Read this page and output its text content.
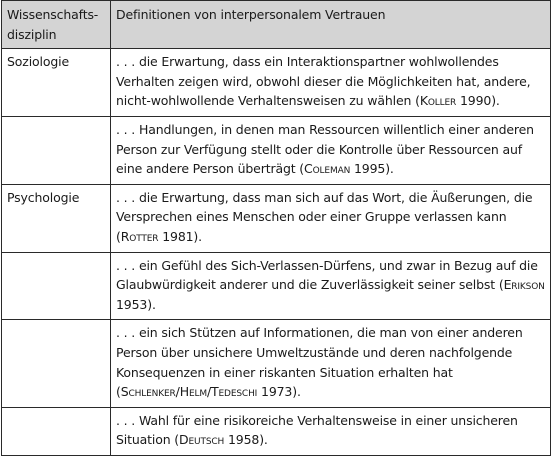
Wissenschafts-disziplin	Definitionen von interpersonalem Vertrauen
Soziologie	. . . die Erwartung, dass ein Interaktionspartner wohlwollendes Verhalten zeigen wird, obwohl dieser die Möglichkeiten hat, andere, nicht-wohlwollende Verhaltensweisen zu wählen (Koller 1990).
	. . . Handlungen, in denen man Ressourcen willentlich einer anderen Person zur Verfügung stellt oder die Kontrolle über Ressourcen auf eine andere Person überträgt (Coleman 1995).
Psychologie	. . . die Erwartung, dass man sich auf das Wort, die Äußerungen, die Versprechen eines Menschen oder einer Gruppe verlassen kann (Rotter 1981).
	. . . ein Gefühl des Sich-Verlassen-Dürfens, und zwar in Bezug auf die Glaubwürdigkeit anderer und die Zuverlässigkeit seiner selbst (Erikson 1953).
	. . . ein sich Stützen auf Informationen, die man von einer anderen Person über unsichere Umweltzustände und deren nachfolgende Konsequenzen in einer riskanten Situation erhalten hat (Schlenker/Helm/Tedeschi 1973).
	. . . Wahl für eine risikoreiche Verhaltensweise in einer unsicheren Situation (Deutsch 1958).
